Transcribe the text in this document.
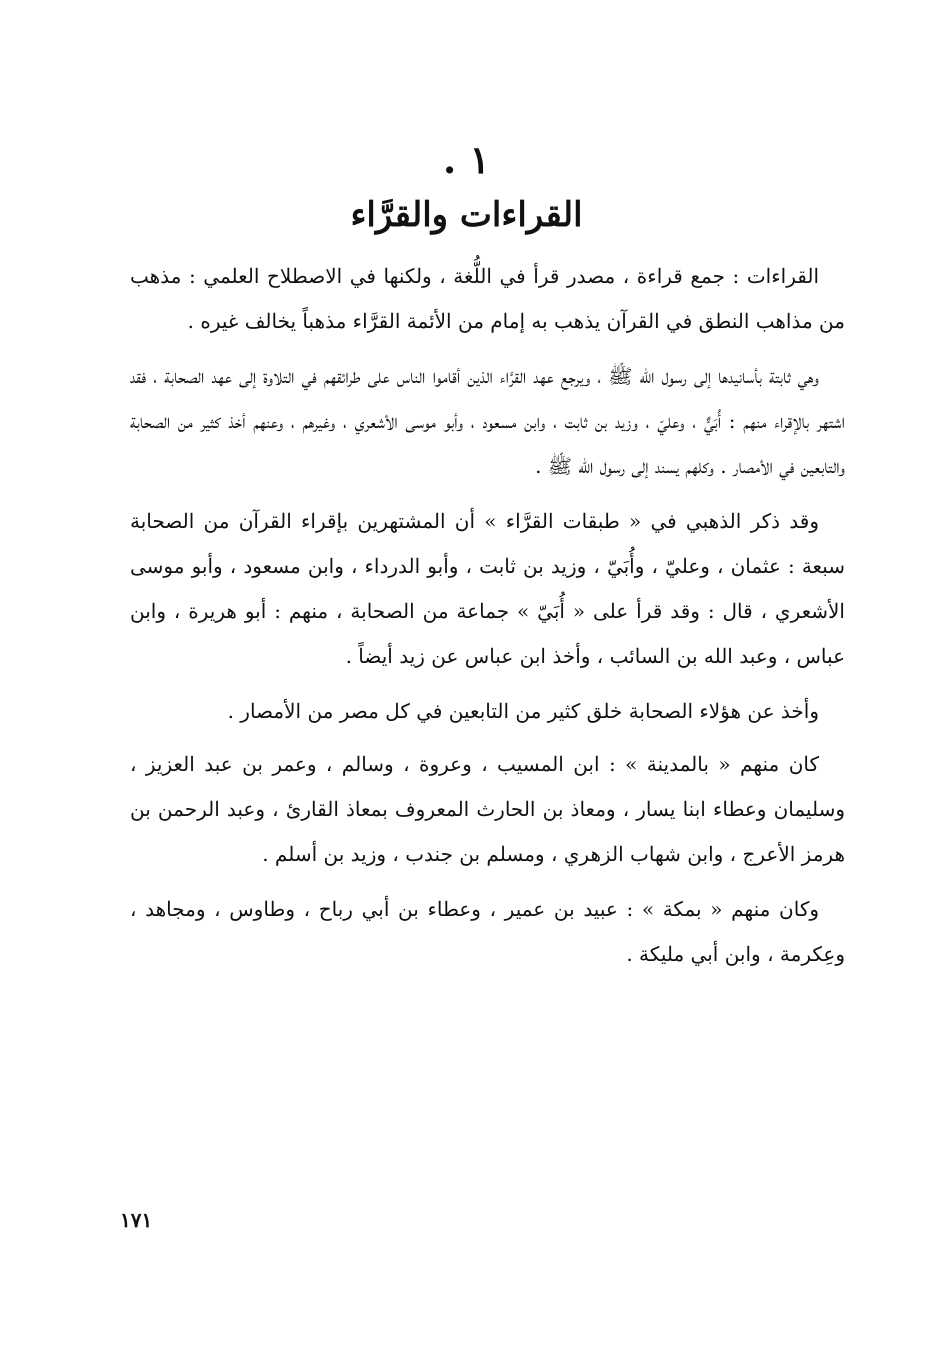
١ .
القراءات والقرَّاء

القراءات : جمع قراءة ، مصدر قرأ في اللُّغة ، ولكنها في الاصطلاح العلمي : مذهب من مذاهب النطق في القرآن يذهب به إمام من الأئمة القرَّاء مذهباً يخالف غيره .

وهي ثابتة بأسانيدها إلى رسول الله ﷺ ، ويرجع عهد القرَّاء الذين أقاموا الناس على طرائقهم في التلاوة إلى عهد الصحابة ، فقد اشتهر بالإقراء منهم : أُبَيٌّ ، وعليّ ، وزيد بن ثابت ، وابن مسعود ، وأبو موسى الأشعري ، وغيرهم ، وعنهم أخذ كثير من الصحابة والتابعين في الأمصار . وكلهم يسند إلى رسول الله ﷺ .

وقد ذكر الذهبي في « طبقات القرَّاء » أن المشتهرين بإقراء القرآن من الصحابة سبعة : عثمان ، وعليّ ، وأُبَيّ ، وزيد بن ثابت ، وأبو الدرداء ، وابن مسعود ، وأبو موسى الأشعري ، قال : وقد قرأ على « أُبَيّ » جماعة من الصحابة ، منهم : أبو هريرة ، وابن عباس ، وعبد الله بن السائب ، وأخذ ابن عباس عن زيد أيضاً .

وأخذ عن هؤلاء الصحابة خلق كثير من التابعين في كل مصر من الأمصار .

كان منهم « بالمدينة » : ابن المسيب ، وعروة ، وسالم ، وعمر بن عبد العزيز ، وسليمان وعطاء ابنا يسار ، ومعاذ بن الحارث المعروف بمعاذ القارئ ، وعبد الرحمن بن هرمز الأعرج ، وابن شهاب الزهري ، ومسلم بن جندب ، وزيد بن أسلم .

وكان منهم « بمكة » : عبيد بن عمير ، وعطاء بن أبي رباح ، وطاوس ، ومجاهد ، وعِكرمة ، وابن أبي مليكة .

١٧١
